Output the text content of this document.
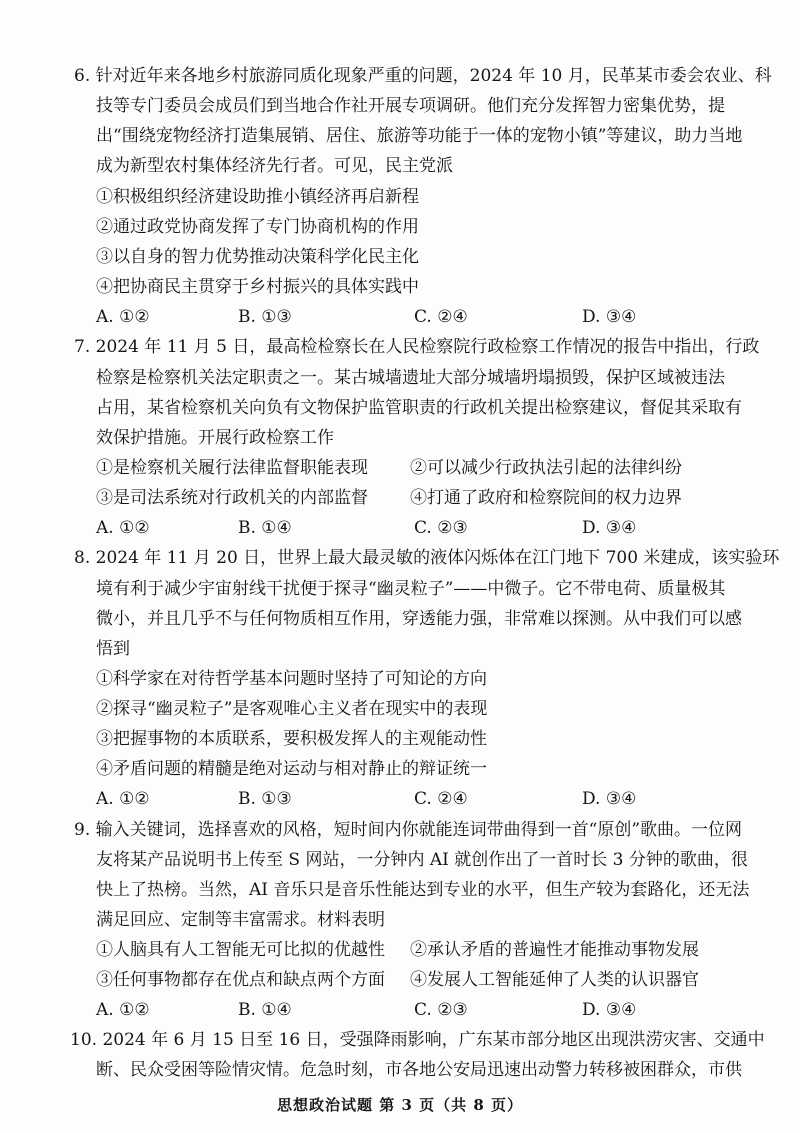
6. 针对近年来各地乡村旅游同质化现象严重的问题，2024 年 10 月，民革某市委会农业、科
技等专门委员会成员们到当地合作社开展专项调研。他们充分发挥智力密集优势，提
出“围绕宠物经济打造集展销、居住、旅游等功能于一体的宠物小镇”等建议，助力当地
成为新型农村集体经济先行者。可见，民主党派
①积极组织经济建设助推小镇经济再启新程
②通过政党协商发挥了专门协商机构的作用
③以自身的智力优势推动决策科学化民主化
④把协商民主贯穿于乡村振兴的具体实践中
A. ①②	B. ①③	C. ②④	D. ③④
7. 2024 年 11 月 5 日，最高检检察长在人民检察院行政检察工作情况的报告中指出，行政
检察是检察机关法定职责之一。某古城墙遗址大部分城墙坍塌损毁，保护区域被违法
占用，某省检察机关向负有文物保护监管职责的行政机关提出检察建议，督促其采取有
效保护措施。开展行政检察工作
①是检察机关履行法律监督职能表现 ②可以减少行政执法引起的法律纠纷
③是司法系统对行政机关的内部监督 ④打通了政府和检察院间的权力边界
A. ①②	B. ①④	C. ②③	D. ③④
8. 2024 年 11 月 20 日，世界上最大最灵敏的液体闪烁体在江门地下 700 米建成，该实验环
境有利于减少宇宙射线干扰便于探寻“幽灵粒子”——中微子。它不带电荷、质量极其
微小，并且几乎不与任何物质相互作用，穿透能力强，非常难以探测。从中我们可以感
悟到
①科学家在对待哲学基本问题时坚持了可知论的方向
②探寻“幽灵粒子”是客观唯心主义者在现实中的表现
③把握事物的本质联系，要积极发挥人的主观能动性
④矛盾问题的精髓是绝对运动与相对静止的辩证统一
A. ①②	B. ①③	C. ②④	D. ③④
9. 输入关键词，选择喜欢的风格，短时间内你就能连词带曲得到一首“原创”歌曲。一位网
友将某产品说明书上传至 S 网站，一分钟内 AI 就创作出了一首时长 3 分钟的歌曲，很
快上了热榜。当然，AI 音乐只是音乐性能达到专业的水平，但生产较为套路化，还无法
满足回应、定制等丰富需求。材料表明
①人脑具有人工智能无可比拟的优越性 ②承认矛盾的普遍性才能推动事物发展
③任何事物都存在优点和缺点两个方面 ④发展人工智能延伸了人类的认识器官
A. ①②	B. ①④	C. ②③	D. ③④
10. 2024 年 6 月 15 日至 16 日，受强降雨影响，广东某市部分地区出现洪涝灾害、交通中
断、民众受困等险情灾情。危急时刻，市各地公安局迅速出动警力转移被困群众，市供
思想政治试题 第 3 页（共 8 页）
